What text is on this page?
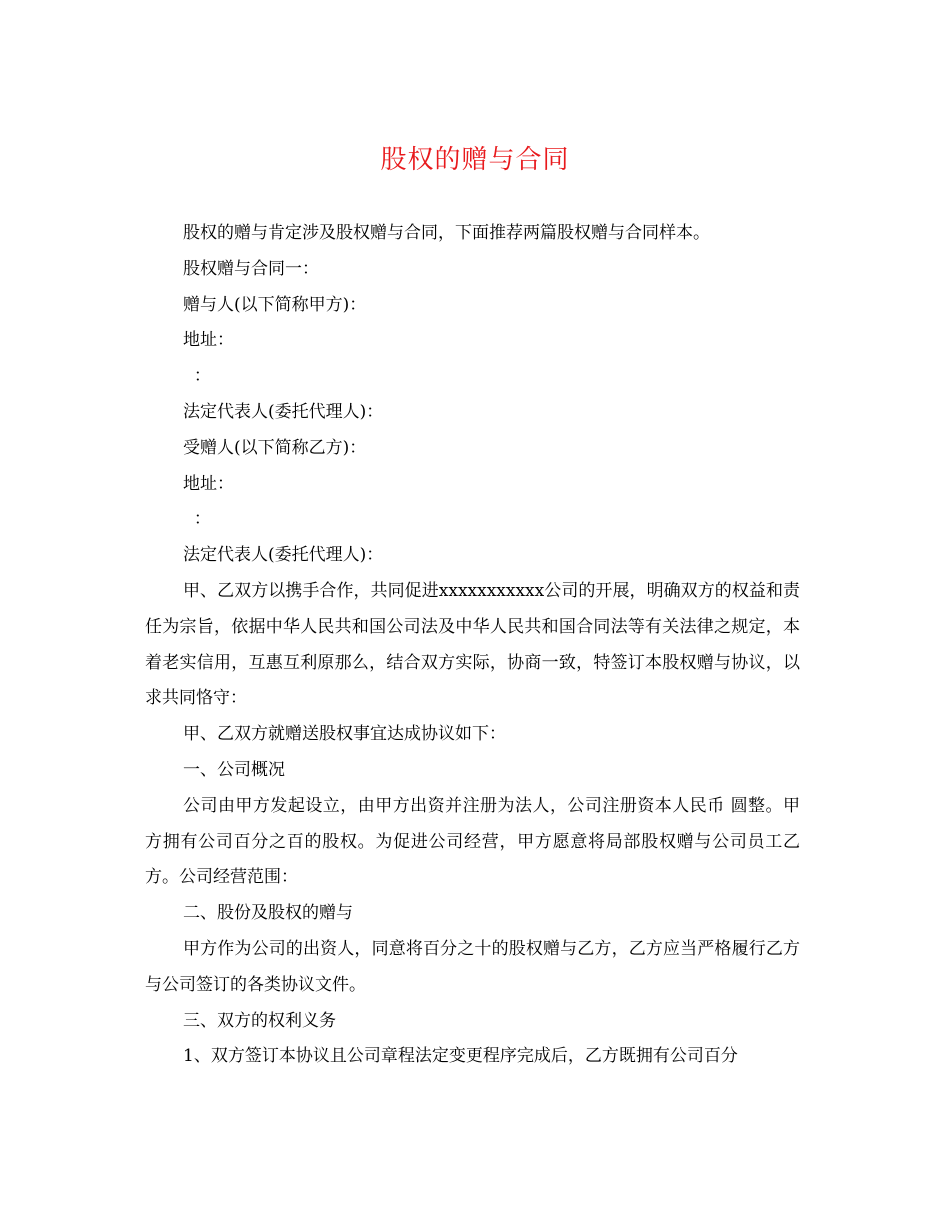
股权的赠与合同

股权的赠与肯定涉及股权赠与合同，下面推荐两篇股权赠与合同样本。

股权赠与合同一：

赠与人(以下简称甲方)：

地址：

：

法定代表人(委托代理人)：

受赠人(以下简称乙方)：

地址：

：

法定代表人(委托代理人)：

甲、乙双方以携手合作，共同促进xxxxxxxxxxx公司的开展，明确双方的权益和责任为宗旨，依据中华人民共和国公司法及中华人民共和国合同法等有关法律之规定，本着老实信用，互惠互利原那么，结合双方实际，协商一致，特签订本股权赠与协议，以求共同恪守：

甲、乙双方就赠送股权事宜达成协议如下：

一、公司概况

公司由甲方发起设立，由甲方出资并注册为法人，公司注册资本人民币 圆整。甲方拥有公司百分之百的股权。为促进公司经营，甲方愿意将局部股权赠与公司员工乙方。公司经营范围：

二、股份及股权的赠与

甲方作为公司的出资人，同意将百分之十的股权赠与乙方，乙方应当严格履行乙方与公司签订的各类协议文件。

三、双方的权利义务

1、双方签订本协议且公司章程法定变更程序完成后，乙方既拥有公司百分
